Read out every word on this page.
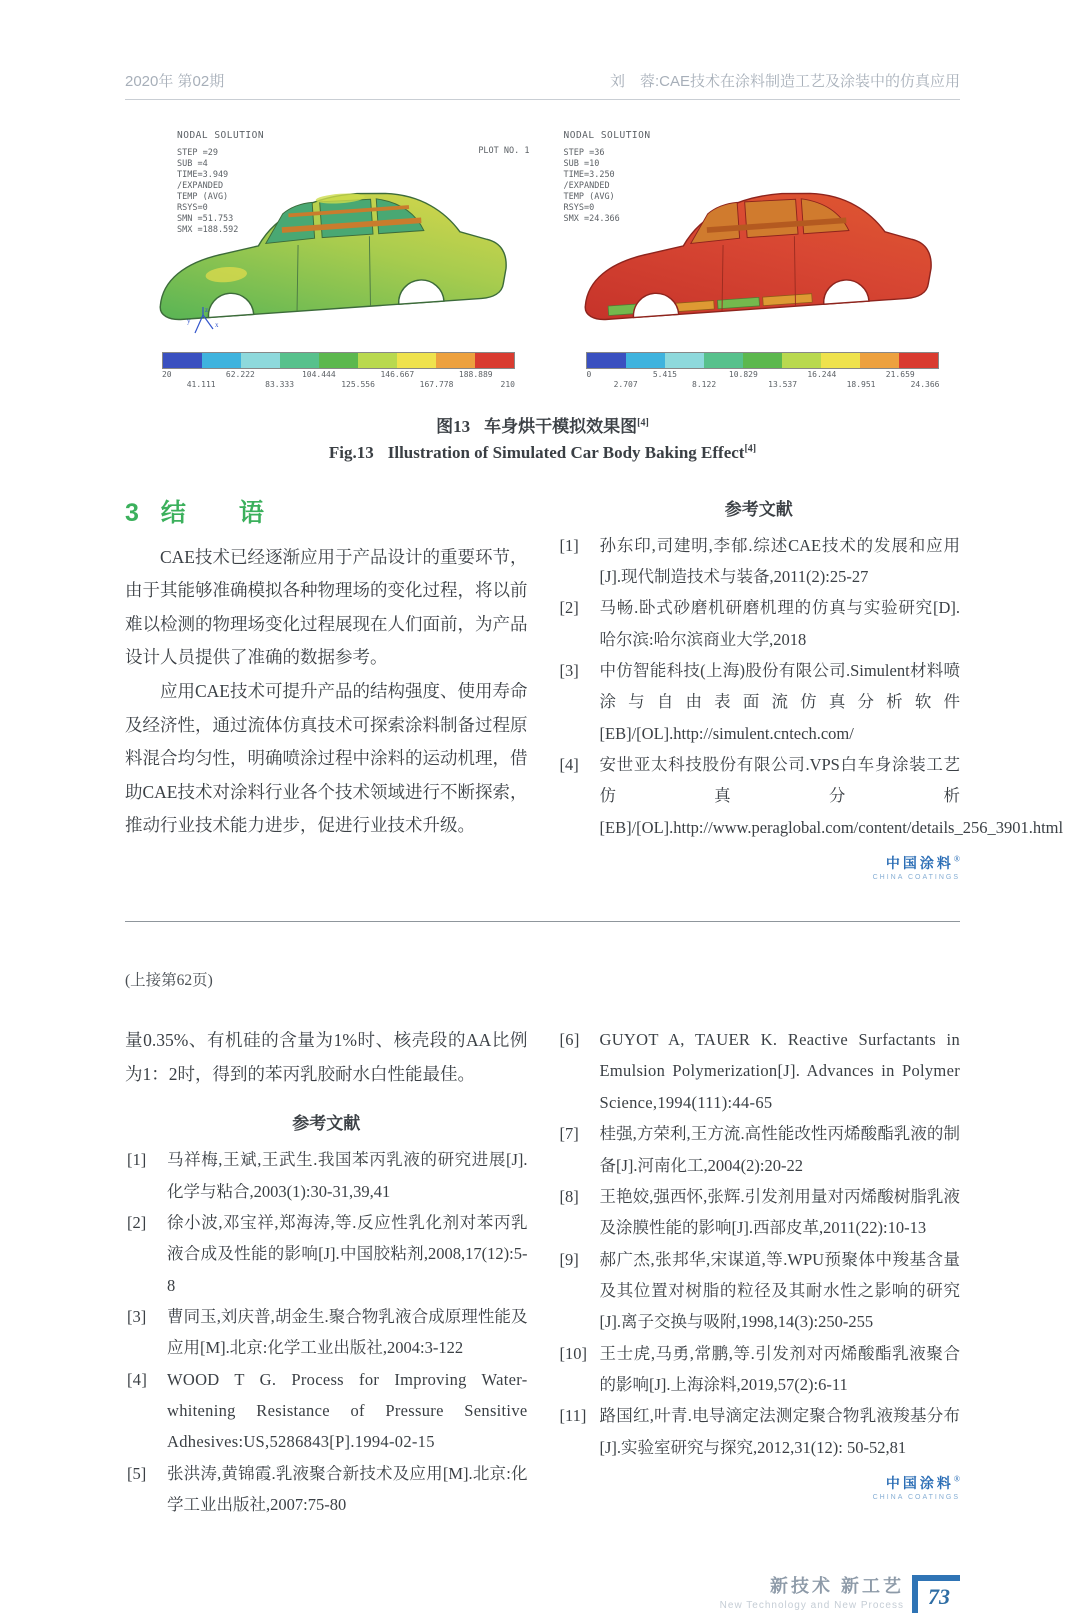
2020年 第02期	刘　蓉:CAE技术在涂料制造工艺及涂装中的仿真应用
NODAL SOLUTION
STEP =29
SUB =4
TIME=3.949
/EXPANDED
TEMP (AVG)
RSYS=0
SMN =51.753
SMX =188.592
PLOT NO. 1
y
z
x
20
41.111
62.222
83.333
104.444
125.556
146.667
167.778
188.889
210
NODAL SOLUTION
STEP =36
SUB =10
TIME=3.250
/EXPANDED
TEMP (AVG)
RSYS=0
SMX =24.366
0
2.707
5.415
8.122
10.829
13.537
16.244
18.951
21.659
24.366
图13 车身烘干模拟效果图[4]
Fig.13 Illustration of Simulated Car Body Baking Effect[4]
3 结　语

CAE技术已经逐渐应用于产品设计的重要环节，由于其能够准确模拟各种物理场的变化过程，将以前难以检测的物理场变化过程展现在人们面前，为产品设计人员提供了准确的数据参考。

应用CAE技术可提升产品的结构强度、使用寿命及经济性，通过流体仿真技术可探索涂料制备过程原料混合均匀性，明确喷涂过程中涂料的运动机理，借助CAE技术对涂料行业各个技术领域进行不断探索，推动行业技术能力进步，促进行业技术升级。

参考文献
[1] 孙东印,司建明,李郁.综述CAE技术的发展和应用[J].现代制造技术与装备,2011(2):25-27
[2] 马畅.卧式砂磨机研磨机理的仿真与实验研究[D].哈尔滨:哈尔滨商业大学,2018
[3] 中仿智能科技(上海)股份有限公司.Simulent材料喷涂与自由表面流仿真分析软件[EB]/[OL].http://simulent.cntech.com/
[4] 安世亚太科技股份有限公司.VPS白车身涂装工艺仿真分析[EB]/[OL].http://www.peraglobal.com/content/details_256_3901.html
中国涂料®
CHINA COATINGS
(上接第62页)

量0.35%、有机硅的含量为1%时、核壳段的AA比例为1：2时，得到的苯丙乳胶耐水白性能最佳。

参考文献
[1] 马祥梅,王斌,王武生.我国苯丙乳液的研究进展[J].化学与粘合,2003(1):30-31,39,41
[2] 徐小波,邓宝祥,郑海涛,等.反应性乳化剂对苯丙乳液合成及性能的影响[J].中国胶粘剂,2008,17(12):5-8
[3] 曹同玉,刘庆普,胡金生.聚合物乳液合成原理性能及应用[M].北京:化学工业出版社,2004:3-122
[4] WOOD T G. Process for Improving Water-whitening Resistance of Pressure Sensitive Adhesives:US,5286843[P].1994-02-15
[5] 张洪涛,黄锦霞.乳液聚合新技术及应用[M].北京:化学工业出版社,2007:75-80
[6] GUYOT A, TAUER K. Reactive Surfactants in Emulsion Polymerization[J]. Advances in Polymer Science,1994(111):44-65
[7] 桂强,方荣利,王方流.高性能改性丙烯酸酯乳液的制备[J].河南化工,2004(2):20-22
[8] 王艳姣,强西怀,张辉.引发剂用量对丙烯酸树脂乳液及涂膜性能的影响[J].西部皮革,2011(22):10-13
[9] 郝广杰,张邦华,宋谋道,等.WPU预聚体中羧基含量及其位置对树脂的粒径及其耐水性之影响的研究[J].离子交换与吸附,1998,14(3):250-255
[10] 王士虎,马勇,常鹏,等.引发剂对丙烯酸酯乳液聚合的影响[J].上海涂料,2019,57(2):6-11
[11] 路国红,叶青.电导滴定法测定聚合物乳液羧基分布[J].实验室研究与探究,2012,31(12): 50-52,81
中国涂料®
CHINA COATINGS
新技术 新工艺
New Technology and New Process	73
